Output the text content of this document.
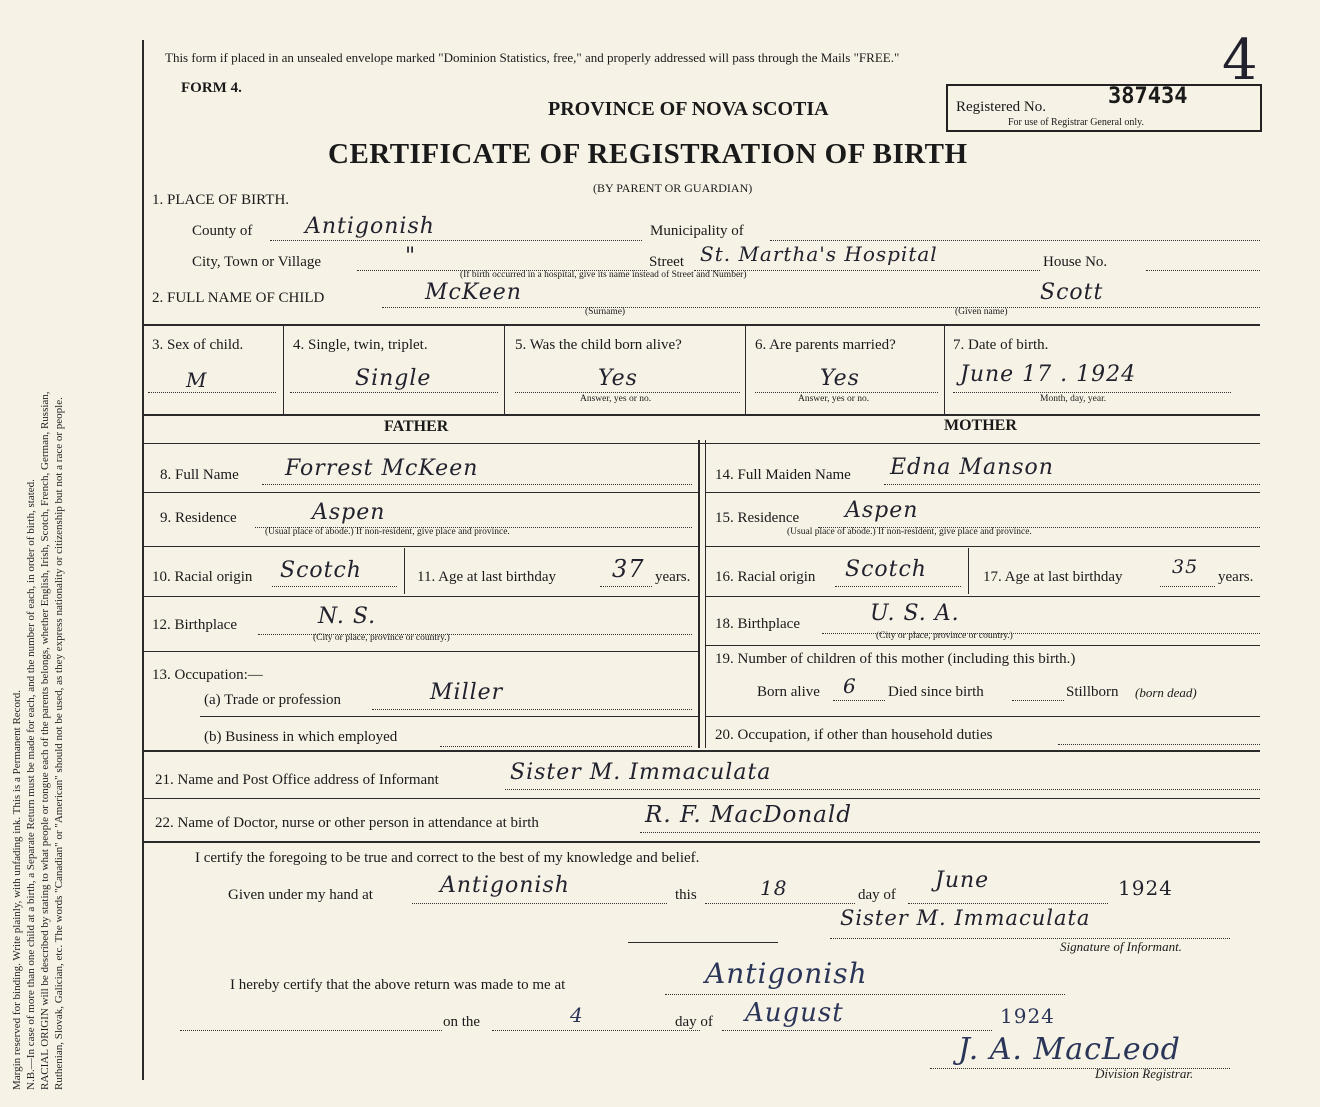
Margin reserved for binding. Write plainly, with unfading ink. This is a Permanent Record. N.B.—In case of more than one child at a birth, a Separate Return must be made for each, and the number of each, in order of birth, stated. RACIAL ORIGIN will be described by stating to what people or tongue each of the parents belongs, whether English, Irish, Scotch, French, German, Russian, Ruthenian, Slovak, Galician, etc. The words "Canadian" or "American" should not be used, as they express nationality or citizenship but not a race or people.
This form if placed in an unsealed envelope marked "Dominion Statistics, free," and properly addressed will pass through the Mails "FREE."
FORM 4.
PROVINCE OF NOVA SCOTIA	Registered No.	387434
For use of Registrar General only.
4
CERTIFICATE OF REGISTRATION OF BIRTH
(BY PARENT OR GUARDIAN)
1. PLACE OF BIRTH.
County of Antigonish	Municipality of
City, Town or Village	"	Street St. Martha's Hospital	House No.
(If birth occurred in a hospital, give its name instead of Street and Number)
2. FULL NAME OF CHILD	McKeen
(Surname)
Scott
(Given name)
3. Sex of child.
M
4. Single, twin, triplet.
Single
5. Was the child born alive?
Yes
Answer, yes or no.
6. Are parents married?
Yes
Answer, yes or no.
7. Date of birth.
June 17 . 1924
Month, day, year.
FATHER	MOTHER
8. Full Name Forrest McKeen
9. Residence	Aspen
(Usual place of abode.) If non-resident, give place and province.
10. Racial origin Scotch	11. Age at last birthday 37 years.
12. Birthplace	N. S.
(City or place, province or country.)
13. Occupation:—
(a) Trade or profession	Miller
(b) Business in which employed
14. Full Maiden Name Edna Manson
15. Residence Aspen
(Usual place of abode.) If non-resident, give place and province.
16. Racial origin Scotch	17. Age at last birthday	35 years.
18. Birthplace	U. S. A.
(City or place, province or country.)
19. Number of children of this mother (including this birth.)
Born alive 6 Died since birth	Stillborn (born dead)
20. Occupation, if other than household duties
21. Name and Post Office address of Informant	Sister M. Immaculata
22. Name of Doctor, nurse or other person in attendance at birth	R. F. MacDonald
I certify the foregoing to be true and correct to the best of my knowledge and belief.
Given under my hand at	Antigonish	this	18	day of
June	1924
Sister M. Immaculata
Signature of Informant.
I hereby certify that the above return was made to me at	Antigonish
on the	4	day of August	1924
J. A. MacLeod
Division Registrar.
